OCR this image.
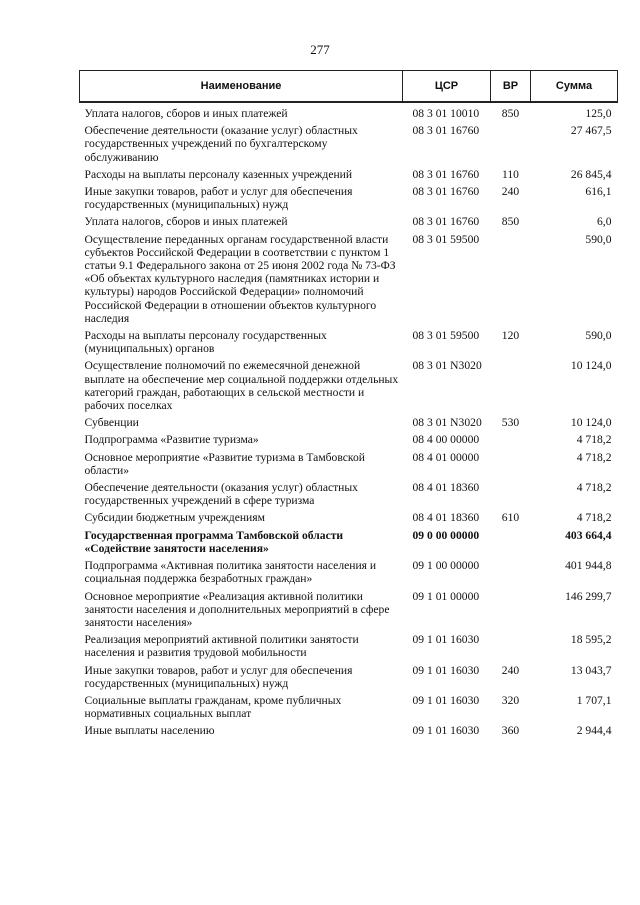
277
Наименование	ЦСР	ВР	Сумма
Уплата налогов, сборов и иных платежей	08 3 01 10010	850	125,0
Обеспечение деятельности (оказание услуг) областных государственных учреждений по бухгалтерскому обслуживанию	08 3 01 16760		27 467,5
Расходы на выплаты персоналу казенных учреждений	08 3 01 16760	110	26 845,4
Иные закупки товаров, работ и услуг для обеспечения государственных (муниципальных) нужд	08 3 01 16760	240	616,1
Уплата налогов, сборов и иных платежей	08 3 01 16760	850	6,0
Осуществление переданных органам государственной власти субъектов Российской Федерации в соответствии с пунктом 1 статьи 9.1 Федерального закона от 25 июня 2002 года № 73-ФЗ «Об объектах культурного наследия (памятниках истории и культуры) народов Российской Федерации» полномочий Российской Федерации в отношении объектов культурного наследия	08 3 01 59500		590,0
Расходы на выплаты персоналу государственных (муниципальных) органов	08 3 01 59500	120	590,0
Осуществление полномочий по ежемесячной денежной выплате на обеспечение мер социальной поддержки отдельных категорий граждан, работающих в сельской местности и рабочих поселках	08 3 01 N3020		10 124,0
Субвенции	08 3 01 N3020	530	10 124,0
Подпрограмма «Развитие туризма»	08 4 00 00000		4 718,2
Основное мероприятие «Развитие туризма в Тамбовской области»	08 4 01 00000		4 718,2
Обеспечение деятельности (оказания услуг) областных государственных учреждений в сфере туризма	08 4 01 18360		4 718,2
Субсидии бюджетным учреждениям	08 4 01 18360	610	4 718,2
Государственная программа Тамбовской области «Содействие занятости населения»	09 0 00 00000		403 664,4
Подпрограмма «Активная политика занятости населения и социальная поддержка безработных граждан»	09 1 00 00000		401 944,8
Основное мероприятие «Реализация активной политики занятости населения и дополнительных мероприятий в сфере занятости населения»	09 1 01 00000		146 299,7
Реализация мероприятий активной политики занятости населения и развития трудовой мобильности	09 1 01 16030		18 595,2
Иные закупки товаров, работ и услуг для обеспечения государственных (муниципальных) нужд	09 1 01 16030	240	13 043,7
Социальные выплаты гражданам, кроме публичных нормативных социальных выплат	09 1 01 16030	320	1 707,1
Иные выплаты населению	09 1 01 16030	360	2 944,4
